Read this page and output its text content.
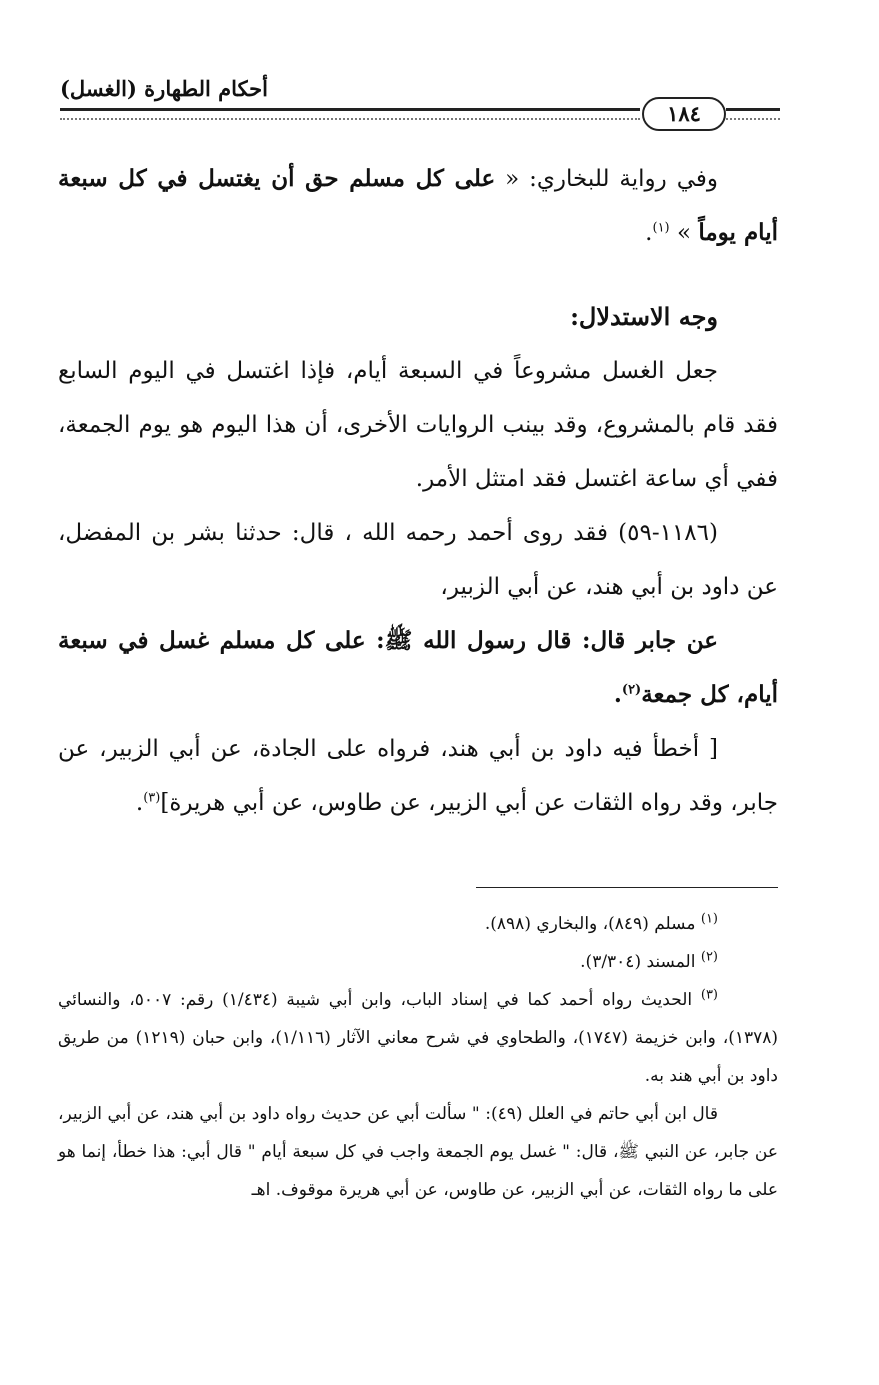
أحكام الطهارة (الغسل)
١٨٤

وفي رواية للبخاري: « على كل مسلم حق أن يغتسل في كل سبعة أيام يوماً » $^{(١)}$.

وجه الاستدلال:

جعل الغسل مشروعاً في السبعة أيام، فإذا اغتسل في اليوم السابع فقد قام بالمشروع، وقد بينب الروايات الأخرى، أن هذا اليوم هو يوم الجمعة، ففي أي ساعة اغتسل فقد امتثل الأمر.

(١١٨٦-٥٩) فقد روى أحمد رحمه الله ، قال: حدثنا بشر بن المفضل، عن داود بن أبي هند، عن أبي الزبير،

عن جابر قال: قال رسول الله ﷺ: على كل مسلم غسل في سبعة أيام، كل جمعة$^{(٢)}$.

[ أخطأ فيه داود بن أبي هند، فرواه على الجادة، عن أبي الزبير، عن جابر، وقد رواه الثقات عن أبي الزبير، عن طاوس، عن أبي هريرة]$^{(٣)}$.

$^{(١)}$ مسلم (٨٤٩)، والبخاري (٨٩٨).

$^{(٢)}$ المسند (٣/٣٠٤).

$^{(٣)}$ الحديث رواه أحمد كما في إسناد الباب، وابن أبي شيبة (١/٤٣٤) رقم: ٥٠٠٧، والنسائي (١٣٧٨)، وابن خزيمة (١٧٤٧)، والطحاوي في شرح معاني الآثار (١/١١٦)، وابن حبان (١٢١٩) من طريق داود بن أبي هند به.

قال ابن أبي حاتم في العلل (٤٩): " سألت أبي عن حديث رواه داود بن أبي هند، عن أبي الزبير، عن جابر، عن النبي ﷺ، قال: " غسل يوم الجمعة واجب في كل سبعة أيام " قال أبي: هذا خطأ، إنما هو على ما رواه الثقات، عن أبي الزبير، عن طاوس، عن أبي هريرة موقوف. اهـ
